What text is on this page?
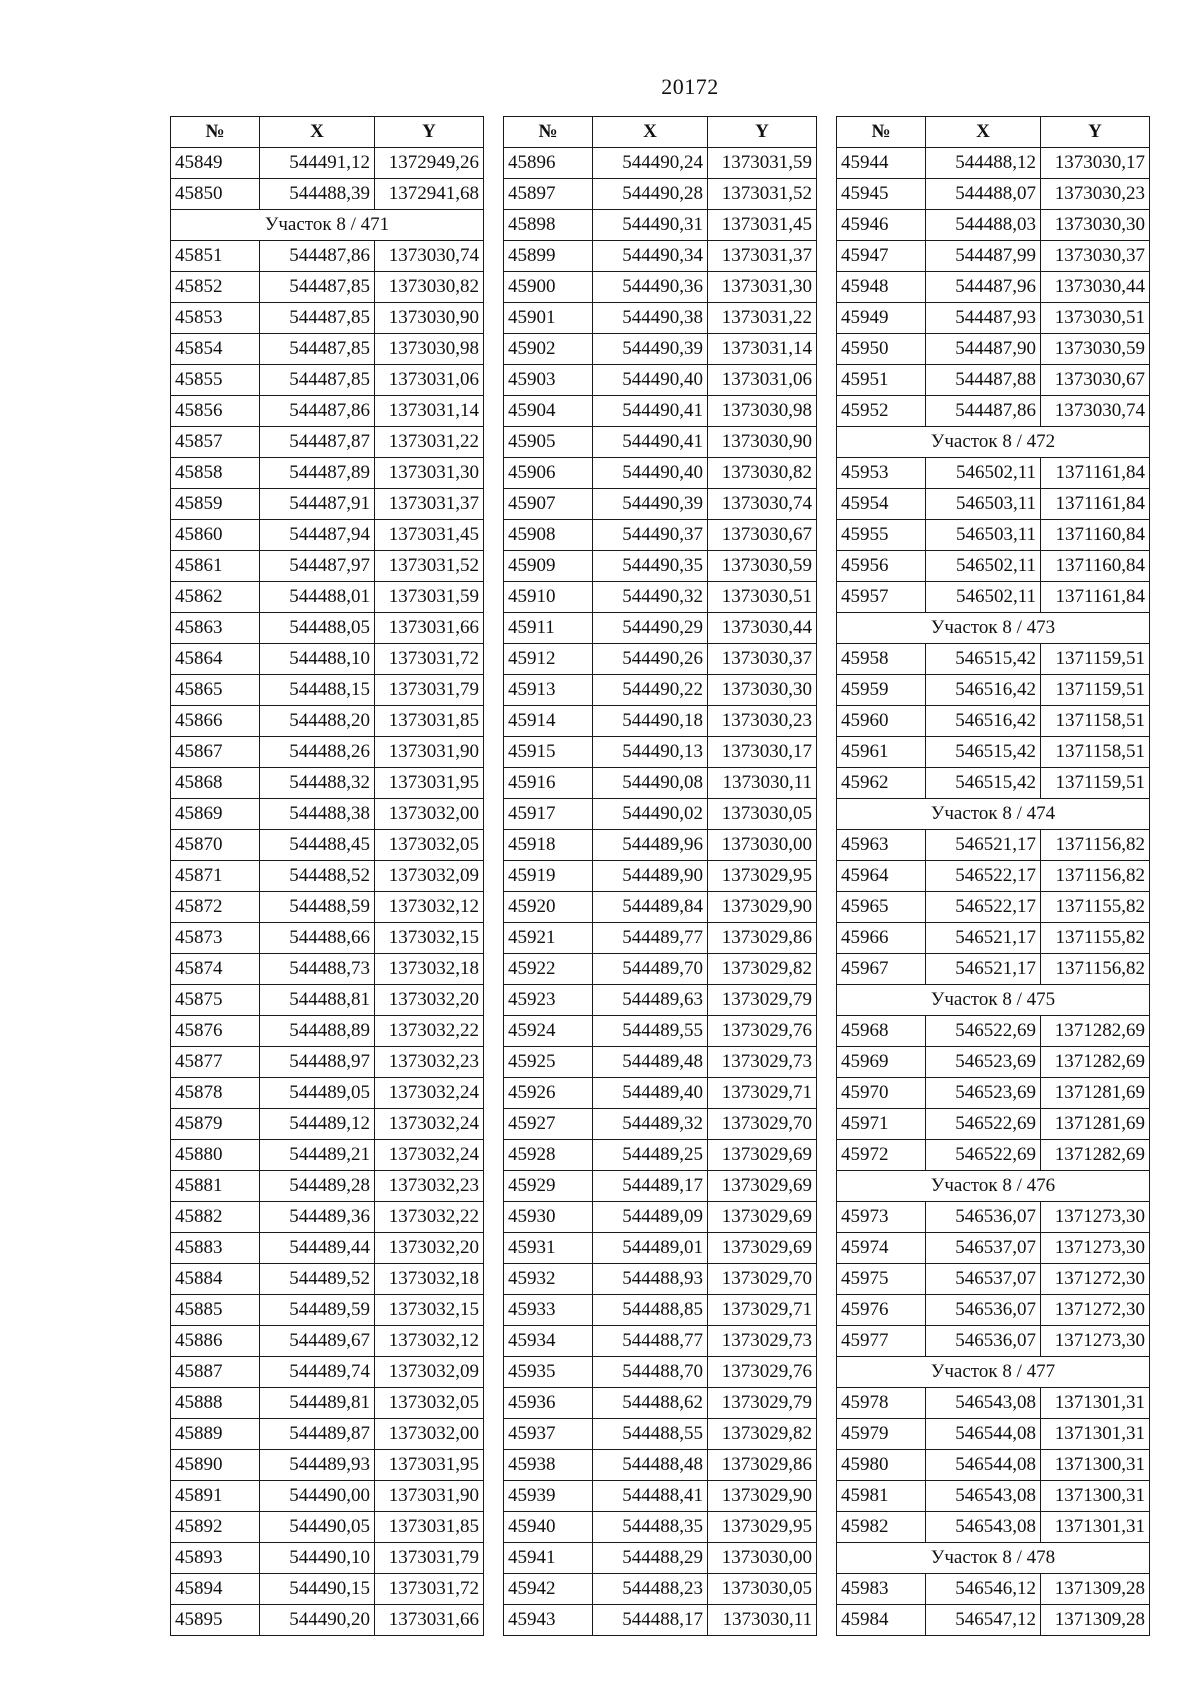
20172
№	X	Y
45849	544491,12	1372949,26
45850	544488,39	1372941,68
Участок 8 / 471		
45851	544487,86	1373030,74
45852	544487,85	1373030,82
45853	544487,85	1373030,90
45854	544487,85	1373030,98
45855	544487,85	1373031,06
45856	544487,86	1373031,14
45857	544487,87	1373031,22
45858	544487,89	1373031,30
45859	544487,91	1373031,37
45860	544487,94	1373031,45
45861	544487,97	1373031,52
45862	544488,01	1373031,59
45863	544488,05	1373031,66
45864	544488,10	1373031,72
45865	544488,15	1373031,79
45866	544488,20	1373031,85
45867	544488,26	1373031,90
45868	544488,32	1373031,95
45869	544488,38	1373032,00
45870	544488,45	1373032,05
45871	544488,52	1373032,09
45872	544488,59	1373032,12
45873	544488,66	1373032,15
45874	544488,73	1373032,18
45875	544488,81	1373032,20
45876	544488,89	1373032,22
45877	544488,97	1373032,23
45878	544489,05	1373032,24
45879	544489,12	1373032,24
45880	544489,21	1373032,24
45881	544489,28	1373032,23
45882	544489,36	1373032,22
45883	544489,44	1373032,20
45884	544489,52	1373032,18
45885	544489,59	1373032,15
45886	544489,67	1373032,12
45887	544489,74	1373032,09
45888	544489,81	1373032,05
45889	544489,87	1373032,00
45890	544489,93	1373031,95
45891	544490,00	1373031,90
45892	544490,05	1373031,85
45893	544490,10	1373031,79
45894	544490,15	1373031,72
45895	544490,20	1373031,66
№	X	Y
45896	544490,24	1373031,59
45897	544490,28	1373031,52
45898	544490,31	1373031,45
45899	544490,34	1373031,37
45900	544490,36	1373031,30
45901	544490,38	1373031,22
45902	544490,39	1373031,14
45903	544490,40	1373031,06
45904	544490,41	1373030,98
45905	544490,41	1373030,90
45906	544490,40	1373030,82
45907	544490,39	1373030,74
45908	544490,37	1373030,67
45909	544490,35	1373030,59
45910	544490,32	1373030,51
45911	544490,29	1373030,44
45912	544490,26	1373030,37
45913	544490,22	1373030,30
45914	544490,18	1373030,23
45915	544490,13	1373030,17
45916	544490,08	1373030,11
45917	544490,02	1373030,05
45918	544489,96	1373030,00
45919	544489,90	1373029,95
45920	544489,84	1373029,90
45921	544489,77	1373029,86
45922	544489,70	1373029,82
45923	544489,63	1373029,79
45924	544489,55	1373029,76
45925	544489,48	1373029,73
45926	544489,40	1373029,71
45927	544489,32	1373029,70
45928	544489,25	1373029,69
45929	544489,17	1373029,69
45930	544489,09	1373029,69
45931	544489,01	1373029,69
45932	544488,93	1373029,70
45933	544488,85	1373029,71
45934	544488,77	1373029,73
45935	544488,70	1373029,76
45936	544488,62	1373029,79
45937	544488,55	1373029,82
45938	544488,48	1373029,86
45939	544488,41	1373029,90
45940	544488,35	1373029,95
45941	544488,29	1373030,00
45942	544488,23	1373030,05
45943	544488,17	1373030,11
№	X	Y
45944	544488,12	1373030,17
45945	544488,07	1373030,23
45946	544488,03	1373030,30
45947	544487,99	1373030,37
45948	544487,96	1373030,44
45949	544487,93	1373030,51
45950	544487,90	1373030,59
45951	544487,88	1373030,67
45952	544487,86	1373030,74
Участок 8 / 472		
45953	546502,11	1371161,84
45954	546503,11	1371161,84
45955	546503,11	1371160,84
45956	546502,11	1371160,84
45957	546502,11	1371161,84
Участок 8 / 473		
45958	546515,42	1371159,51
45959	546516,42	1371159,51
45960	546516,42	1371158,51
45961	546515,42	1371158,51
45962	546515,42	1371159,51
Участок 8 / 474		
45963	546521,17	1371156,82
45964	546522,17	1371156,82
45965	546522,17	1371155,82
45966	546521,17	1371155,82
45967	546521,17	1371156,82
Участок 8 / 475		
45968	546522,69	1371282,69
45969	546523,69	1371282,69
45970	546523,69	1371281,69
45971	546522,69	1371281,69
45972	546522,69	1371282,69
Участок 8 / 476		
45973	546536,07	1371273,30
45974	546537,07	1371273,30
45975	546537,07	1371272,30
45976	546536,07	1371272,30
45977	546536,07	1371273,30
Участок 8 / 477		
45978	546543,08	1371301,31
45979	546544,08	1371301,31
45980	546544,08	1371300,31
45981	546543,08	1371300,31
45982	546543,08	1371301,31
Участок 8 / 478		
45983	546546,12	1371309,28
45984	546547,12	1371309,28
